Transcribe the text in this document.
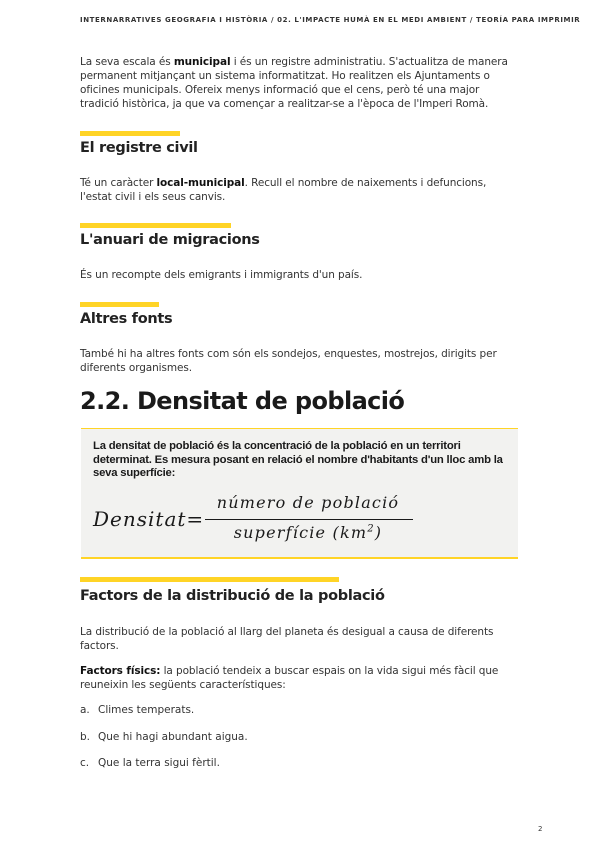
INTERNARRATIVES GEOGRAFIA I HISTÒRIA / 02. L'IMPACTE HUMÀ EN EL MEDI AMBIENT / TEORÍA PARA IMPRIMIR

La seva escala és municipal i és un registre administratiu. S'actualitza de manera permanent mitjançant un sistema informatitzat. Ho realitzen els Ajuntaments o oficines municipals. Ofereix menys informació que el cens, però té una major tradició històrica, ja que va començar a realitzar-se a l'època de l'Imperi Romà.

El registre civil

Té un caràcter local-municipal. Recull el nombre de naixements i defuncions, l'estat civil i els seus canvis.

L'anuari de migracions

És un recompte dels emigrants i immigrants d'un país.

Altres fonts

També hi ha altres fonts com són els sondejos, enquestes, mostrejos, dirigits per diferents organismes.

2.2. Densitat de població

La densitat de població és la concentració de la població en un territori determinat. Es mesura posant en relació el nombre d'habitants d'un lloc amb la seva superfície:

Densitat=
número de població
superfície $(km^2)$
Factors de la distribució de la població

La distribució de la població al llarg del planeta és desigual a causa de diferents factors.

Factors físics: la població tendeix a buscar espais on la vida sigui més fàcil que reuneixin les següents característiques:

a. Climes temperats.

b. Que hi hagi abundant aigua.

c. Que la terra sigui fèrtil.

2
